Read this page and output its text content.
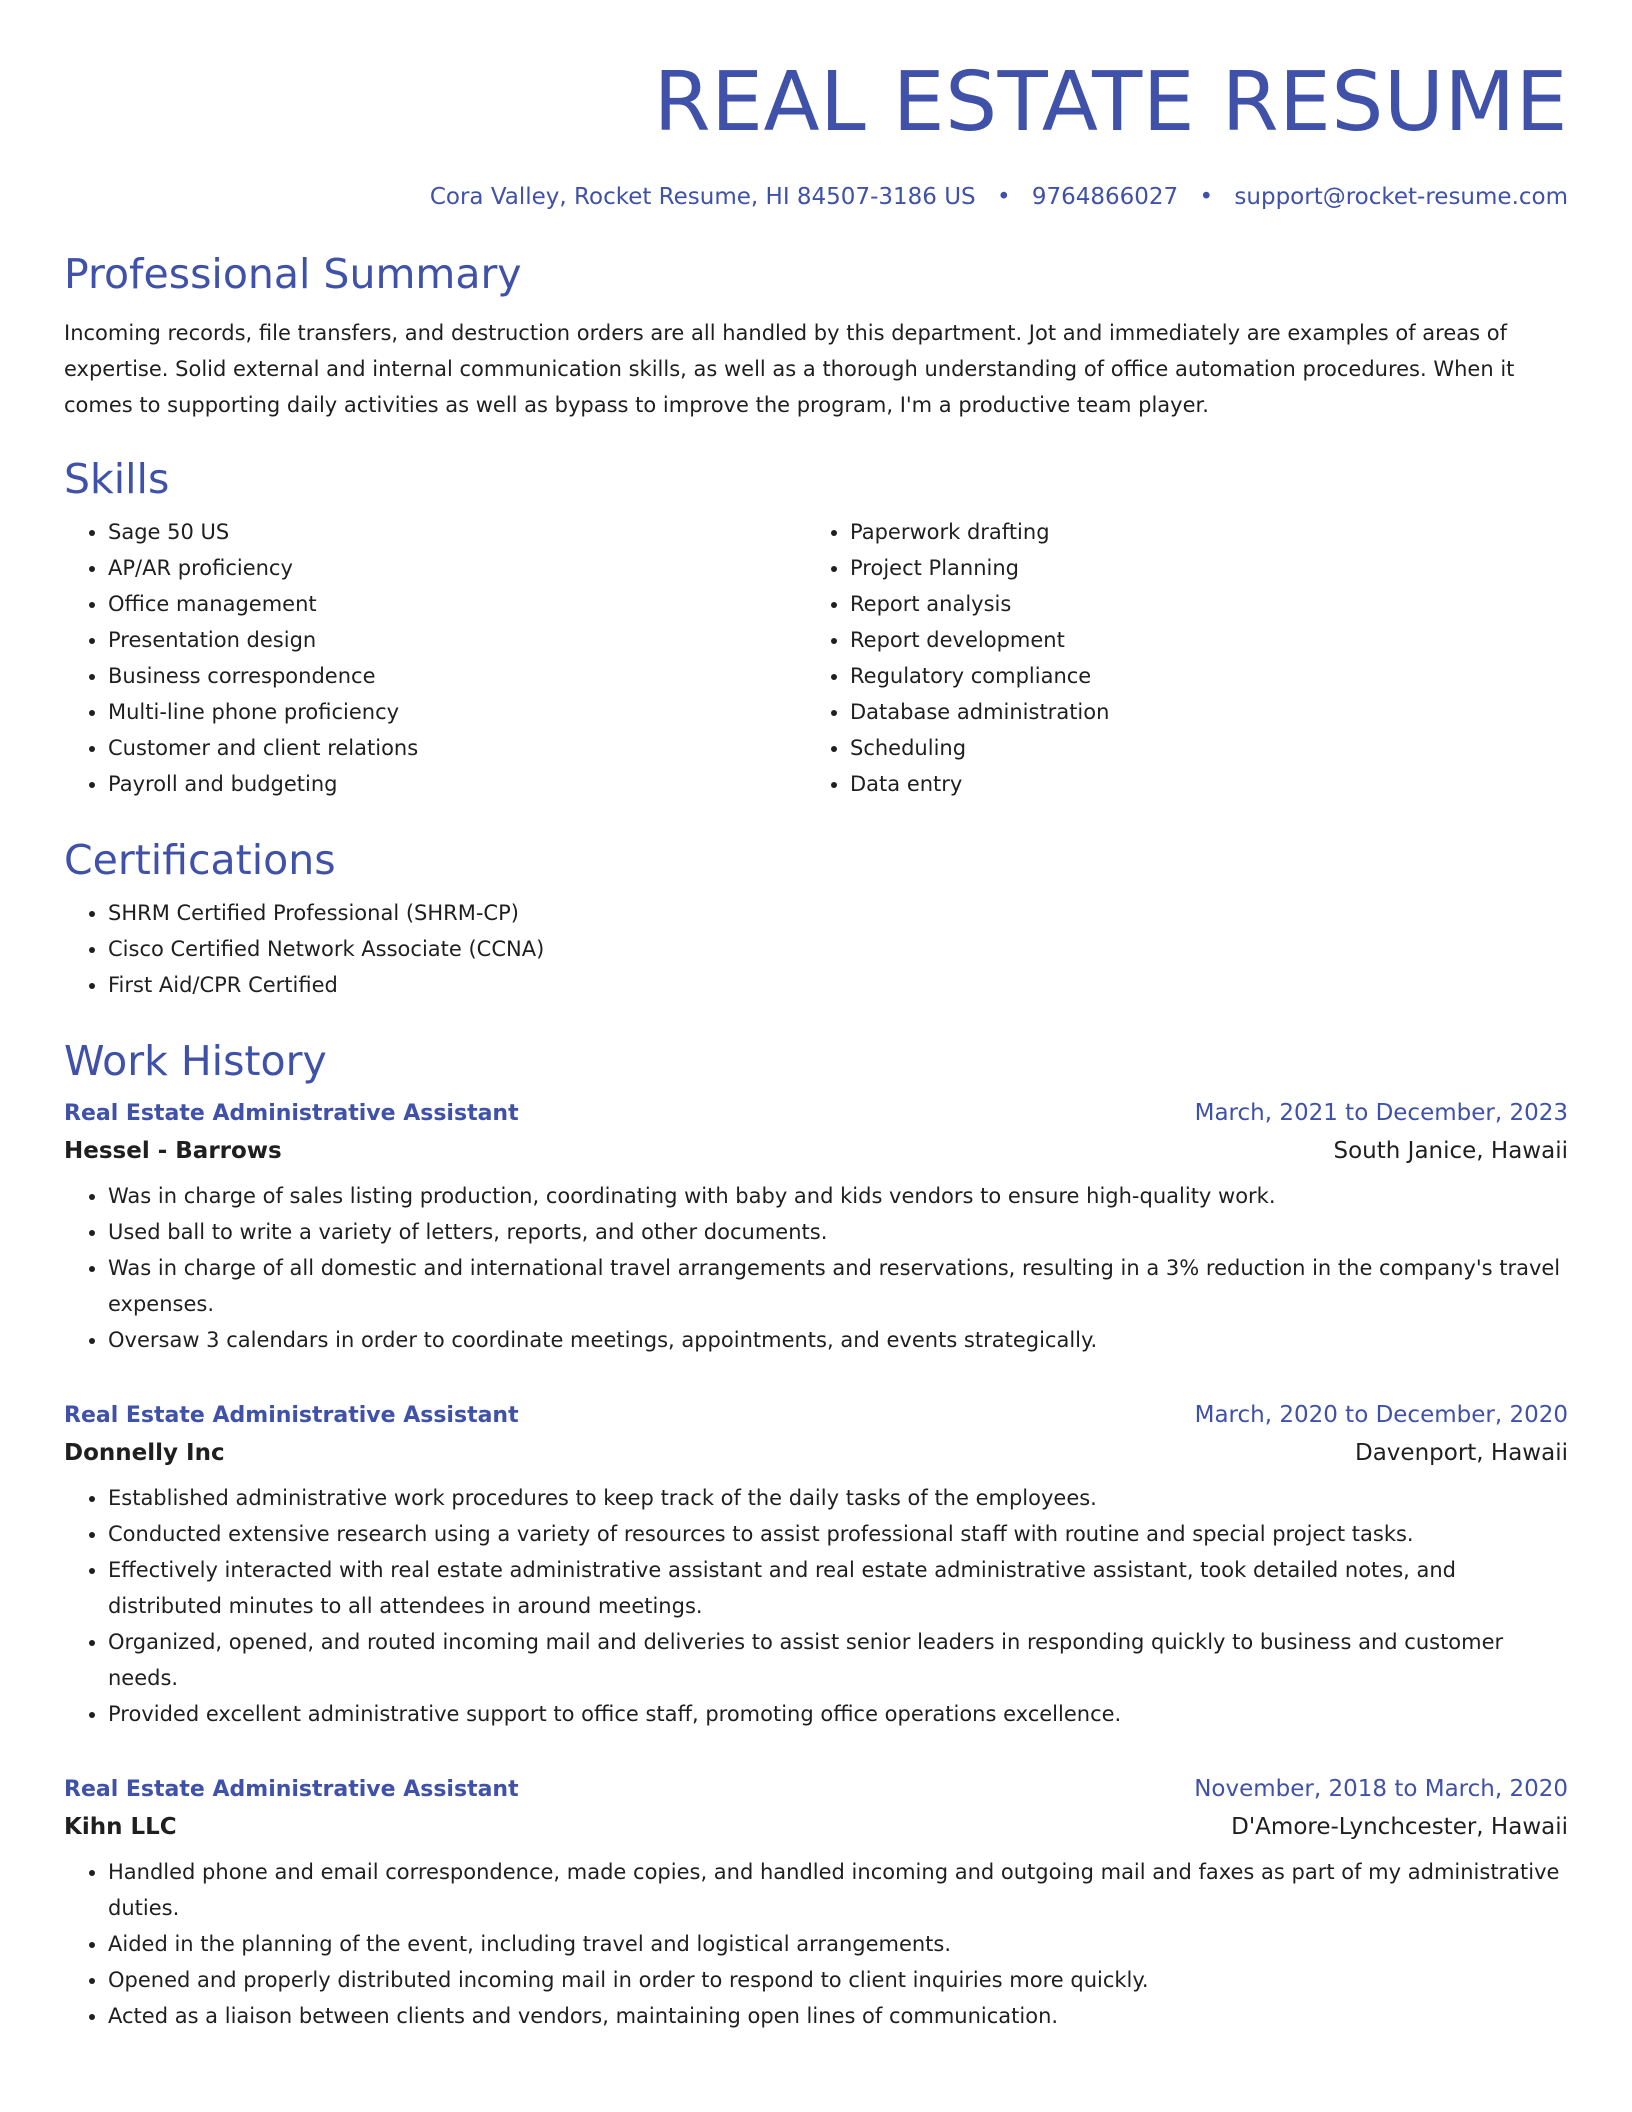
REAL ESTATE RESUME
Cora Valley, Rocket Resume, HI 84507-3186 US • 9764866027 • support@rocket-resume.com
Professional Summary

Incoming records, file transfers, and destruction orders are all handled by this department. Jot and immediately are examples of areas of expertise. Solid external and internal communication skills, as well as a thorough understanding of office automation procedures. When it comes to supporting daily activities as well as bypass to improve the program, I'm a productive team player.

Skills
• Sage 50 US
• AP/AR proficiency
• Office management
• Presentation design
• Business correspondence
• Multi-line phone proficiency
• Customer and client relations
• Payroll and budgeting
• Paperwork drafting
• Project Planning
• Report analysis
• Report development
• Regulatory compliance
• Database administration
• Scheduling
• Data entry
Certifications
• SHRM Certified Professional (SHRM-CP)
• Cisco Certified Network Associate (CCNA)
• First Aid/CPR Certified
Work History
Real Estate Administrative Assistant	March, 2021 to December, 2023
Hessel - Barrows	South Janice, Hawaii
• Was in charge of sales listing production, coordinating with baby and kids vendors to ensure high-quality work.
• Used ball to write a variety of letters, reports, and other documents.
• Was in charge of all domestic and international travel arrangements and reservations, resulting in a 3% reduction in the company's travel expenses.
• Oversaw 3 calendars in order to coordinate meetings, appointments, and events strategically.
Real Estate Administrative Assistant	March, 2020 to December, 2020
Donnelly Inc	Davenport, Hawaii
• Established administrative work procedures to keep track of the daily tasks of the employees.
• Conducted extensive research using a variety of resources to assist professional staff with routine and special project tasks.
• Effectively interacted with real estate administrative assistant and real estate administrative assistant, took detailed notes, and distributed minutes to all attendees in around meetings.
• Organized, opened, and routed incoming mail and deliveries to assist senior leaders in responding quickly to business and customer needs.
• Provided excellent administrative support to office staff, promoting office operations excellence.
Real Estate Administrative Assistant	November, 2018 to March, 2020
Kihn LLC	D'Amore-Lynchcester, Hawaii
• Handled phone and email correspondence, made copies, and handled incoming and outgoing mail and faxes as part of my administrative duties.
• Aided in the planning of the event, including travel and logistical arrangements.
• Opened and properly distributed incoming mail in order to respond to client inquiries more quickly.
• Acted as a liaison between clients and vendors, maintaining open lines of communication.
